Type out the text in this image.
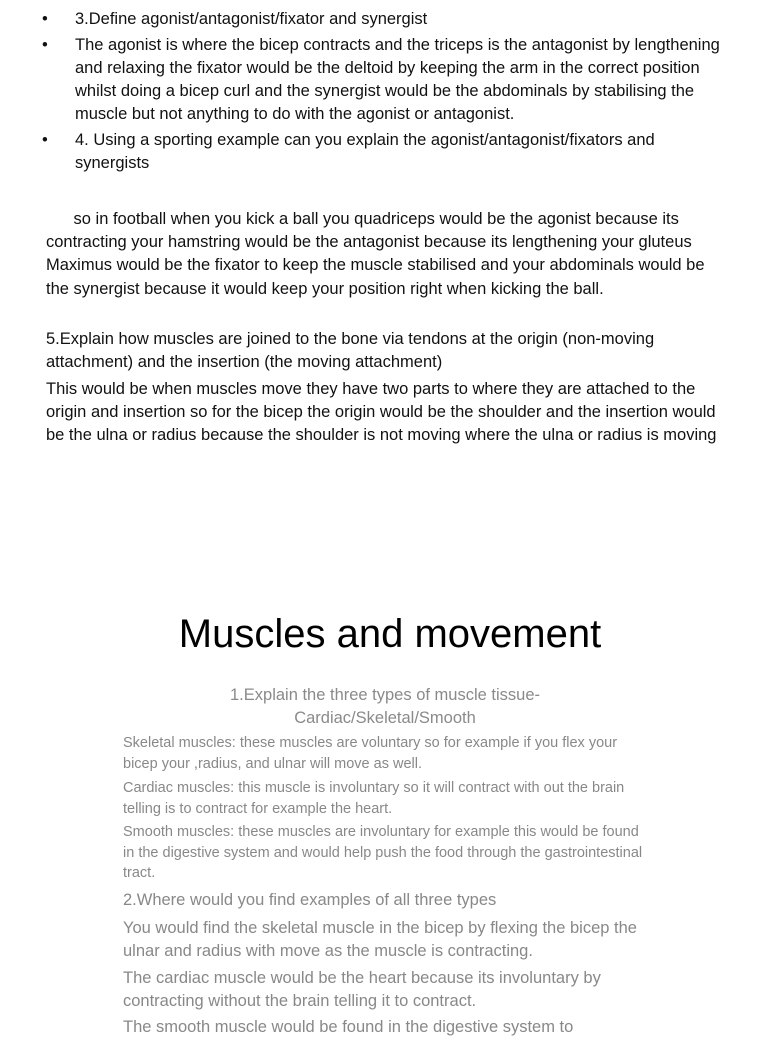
• 3.Define agonist/antagonist/fixator and synergist
• The agonist is where the bicep contracts and the triceps is the antagonist by lengthening and relaxing the fixator would be the deltoid by keeping the arm in the correct position whilst doing a bicep curl and the synergist would be the abdominals by stabilising the muscle but not anything to do with the agonist or antagonist.
• 4. Using a sporting example can you explain the agonist/antagonist/fixators and synergists

so in football when you kick a ball you quadriceps would be the agonist because its contracting your hamstring would be the antagonist because its lengthening your gluteus Maximus would be the fixator to keep the muscle stabilised and your abdominals would be the synergist because it would keep your position right when kicking the ball.

5.Explain how muscles are joined to the bone via tendons at the origin (non-moving attachment) and the insertion (the moving attachment)

This would be when muscles move they have two parts to where they are attached to the origin and insertion so for the bicep the origin would be the shoulder and the insertion would be the ulna or radius because the shoulder is not moving where the ulna or radius is moving

Muscles and movement

1.Explain the three types of muscle tissue- Cardiac/Skeletal/Smooth

Skeletal muscles: these muscles are voluntary so for example if you flex your bicep your ,radius, and ulnar will move as well.

Cardiac muscles: this muscle is involuntary so it will contract with out the brain telling is to contract for example the heart.

Smooth muscles: these muscles are involuntary for example this would be found in the digestive system and would help push the food through the gastrointestinal tract.

2.Where would you find examples of all three types

You would find the skeletal muscle in the bicep by flexing the bicep the ulnar and radius with move as the muscle is contracting.

The cardiac muscle would be the heart because its involuntary by contracting without the brain telling it to contract.

The smooth muscle would be found in the digestive system to
